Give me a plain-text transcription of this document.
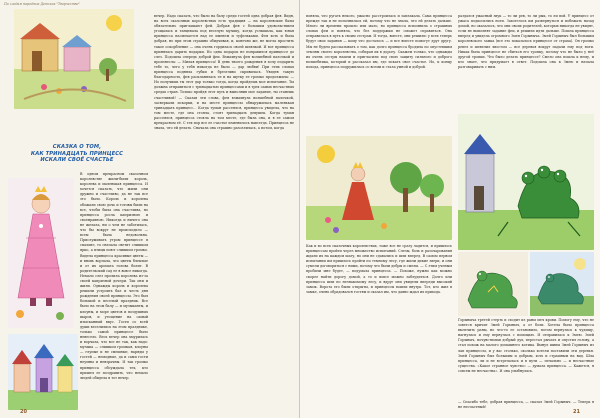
По следам народных Детских "Творчество"
СКАЗКА О ТОМ,
КАК ТРИНАДЦАТЬ ПРИНЦЕСС
ИСКАЛИ СВОЁ СЧАСТЬЕ
В одном прекрасном сказочном королевстве жили-были король, королева и маленькая принцесса. И хочется сказать, что жили они дружно и счастливо, да не так все это было. Король и королева обожали свою дочь и готовы были на все, чтобы была она счастлива, но принцесса росла капризною и своенравною. Никогда и ничего она не желала, ни о чем не заботилась, что бы вокруг не происходило — всем была недовольна. Прислуживать утром принцессе в спальне, то сначала светит слишком ярко, а птицы поют слишком громко. Видела принцесса красивые цветы — и вновь ворчала, что цветы блеклые и от их аромата голова болит. В родительский сад ее в вовсе никогда. Немало слез пролила королева из-за своей капризной дочери. Так они и жили. Однажды король и королева решили устроить бал и честь дня рождения своей принцессы. Это был большой и веселый праздник. Все было на этом балу — и музыканты, и клоуны, и море цветов и воздушных шаров, и угощение на самый изысканный вкус. Гости со всей души веселились на этом празднике, только самой принцессе было невесело. Весь вечер она хмурилась и ворчала, что все не так, как надо: музыка — слишком громкая, клоуны — глупые и не смешные, наряды у гостей — немодные, да и сами гости неумны и невзрачны. И так громко принцесса обсуждала тех, кто пришел ее поздравить, что немало людей обидела в тот вечер.
вечер. Надо сказать, что было на балу среди гостей одна добрая фея. Видя, на всех сказочных королевствах есть традиция — на королевские балы обязательно приглашают фей. Добрая фея с большим удовольствием угощалась и танцевала под веселую музыку, когда услышала, как юная принцесса насмехается над ее именем и туфельками. Фея хоть и была добрая, но при этом страшно обидчивая, и, конечно же, не могла простить такое оскорбление — она очень гордилась своей шляпкой. И вот принцесса принялась дарить подарки. Но одна подарок не понравился принцессе до слез. Подошла очередь доброй феи. Взмахнула фея волшебной палочкой и произнесла: — Милая принцесса! В день твоего рождения я хочу подарить тебе то, чего у тебя никогда не было — дар любви! При этих словах принцесса подняла губки и брезгливо скривилась. Увидев такую благодарность, фея раскланялась ее и на шутку ее громко продолжила: — Но получишь ты этот дар только тогда, когда пройдешь мое испытание. Ты должна отправиться с тринадцатью принцессами и в трех самых несчастных средах стран. Только пройдя этот путь и выполнив мое задание, ты станешь счастливой! — Сказав эти слова, фея взмахнула волшебной палочкой, засверкали искорки, и на месте принцессы обнаружилась маленькая тринадцать принцесс... Когда туман рассеялся, принцесса увидела, что на том месте, где она стояла, стоят тринадцать девушек. Когда туман рассеялся, принцесса стояла на том месте, где была она, и в ее самом прекрасном её. С тех пор все ее счастье изменилось навсегда. Принцесса не знала, что ей делать. Сначала она страшно разозлилась, а потом, когда
20
поняла, что ругать некого, ужасно расстроилась и заплакала. Сама принцесса прежде так и не исполнилась ей, потому что не знала, что ей делать дальше. Много ли времени прошло или мало, но принцесса вспомнила о страшных словах феи и поняла, что без поддержки не сможет справиться. Она отправилась в путь к своим сестрам. И тогда, вместе, они решили: у всех теперь будут свои задания — кому что досталось — и все вместе помогут друг другу. Мы не будем рассказывать о том, как долго принцесса бродила по опустевшим землям своего королевства, собирая их в дорогу. Скажем только, что однажды их очень сестры нашли и пригласили под свою защиту сильного и доброго волшебника, который и рассказал им, где искать свое счастье. Но, к концу похода, принцесса подружилась со всеми и стала умной и доброй.
Как и во всех сказочных королевствах, тоже все не сразу ладится, и пришлось принцессам пройти через множество испытаний. Слезы, боль и разочарования ждали их на каждом шагу, но они не сдавались и шли вперед. В самом первом испытании им пришлось пройти по темному лесу, где жили дикие звери, и они сумели договориться с ними, потому что были добры и смелы. — С этим ученым пробили мне будет, — подумала принцесса. — Похоже, нужно как можно скорее найти дорогу домой, а то и вовсе можно заблудиться. Долго или принцесса шли по незнакомому лесу, и вдруг они увидели впереди высокий замок. Ворота его были открыты, и принцессы вошли внутрь. Тот, кто жил в замке, очень обрадовался гостям и сказал им, что давно ждал их прихода.
раздался ужасный звук — то ли рев, то ли рык, то ли вой. У принцесс от ужаса подкосились ноги. Захотелось им развернуться и побежать назад домой, но оказалось, что они своих родителей, которых никогда не увидят, если не выполнят задание феи, и решили идти дальше. Пошла принцесса вперед и увидела огромного Змея Горыныча. Змей Горыныч был большим королевского замка (все это показалось принцессе от страха). Он громко ревел и шевелил хвостом — все деревья вокруг падали ему под ноги. Никак была принцессе не сбиться его тропку, потому что не было у неё другой тропки. Что было делать принцессе? Смело она пошла к нему, и кто знает, что придумает в ответ. Подошла она к Змею и начала разговаривать с ним.
Горыныча третей стерть и сходит из раны меч крови. Помогу ему, что не зовется кричит Змей Горыныч, а от боли. Хотела было принцесса вылечить раны, но что-то ее остановило, потом вернулась к чудищу, нагнулась и ему вернулась с помощью. И отправилась к Змею. Змей Горыныч, почувствовав добрый дух, перестал рычать и опустил голову, а стал похож на малого домашнего котика. Вынул шипы Змей Горыныч из лап принцессы, и у вас столько, сколько хотели поставили эти деревья. Змей Горыныч был большим и добрым, хоть и страшным на вид. Шла принцесса, ли и не встречалась и в пути — печально — и несчастные существа. «Какое странное чувство» — думала принцесса. — Кажется, я совсем не несчастна». И она улыбнулась.
— Спасибо тебе, добрая принцесса, — сказал Змей Горыныч. — Теперь я не несчастный!
21
